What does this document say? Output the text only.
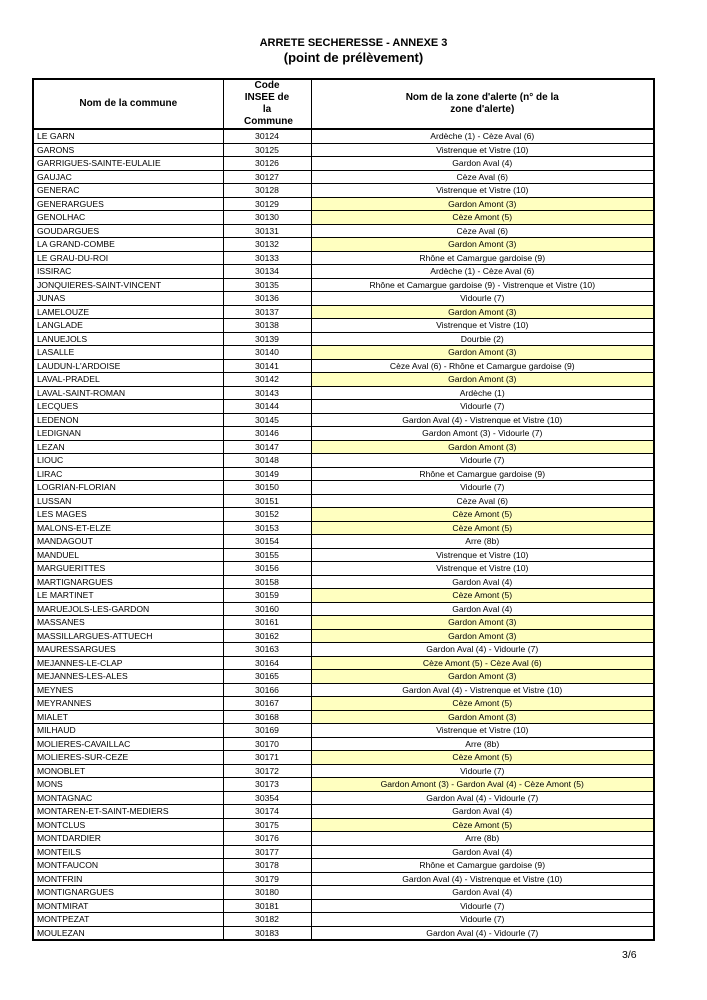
ARRETE SECHERESSE - ANNEXE 3
(point de prélèvement)
Nom de la commune	Code INSEE de la Commune	Nom de la zone d'alerte (n° de la zone d'alerte)

LE GARN	30124	Ardèche (1) - Cèze Aval (6)
GARONS	30125	Vistrenque et Vistre (10)
GARRIGUES-SAINTE-EULALIE	30126	Gardon Aval (4)
GAUJAC	30127	Cèze Aval (6)
GENERAC	30128	Vistrenque et Vistre (10)
GENERARGUES	30129	Gardon Amont (3)
GENOLHAC	30130	Cèze Amont (5)
GOUDARGUES	30131	Cèze Aval (6)
LA GRAND-COMBE	30132	Gardon Amont (3)
LE GRAU-DU-ROI	30133	Rhône et Camargue gardoise (9)
ISSIRAC	30134	Ardèche (1) - Cèze Aval (6)
JONQUIERES-SAINT-VINCENT	30135	Rhône et Camargue gardoise (9) - Vistrenque et Vistre (10)
JUNAS	30136	Vidourle (7)
LAMELOUZE	30137	Gardon Amont (3)
LANGLADE	30138	Vistrenque et Vistre (10)
LANUEJOLS	30139	Dourbie (2)
LASALLE	30140	Gardon Amont (3)
LAUDUN-L'ARDOISE	30141	Cèze Aval (6) - Rhône et Camargue gardoise (9)
LAVAL-PRADEL	30142	Gardon Amont (3)
LAVAL-SAINT-ROMAN	30143	Ardèche (1)
LECQUES	30144	Vidourle (7)
LEDENON	30145	Gardon Aval (4) - Vistrenque et Vistre (10)
LEDIGNAN	30146	Gardon Amont (3) - Vidourle (7)
LEZAN	30147	Gardon Amont (3)
LIOUC	30148	Vidourle (7)
LIRAC	30149	Rhône et Camargue gardoise (9)
LOGRIAN-FLORIAN	30150	Vidourle (7)
LUSSAN	30151	Cèze Aval (6)
LES MAGES	30152	Cèze Amont (5)
MALONS-ET-ELZE	30153	Cèze Amont (5)
MANDAGOUT	30154	Arre (8b)
MANDUEL	30155	Vistrenque et Vistre (10)
MARGUERITTES	30156	Vistrenque et Vistre (10)
MARTIGNARGUES	30158	Gardon Aval (4)
LE MARTINET	30159	Cèze Amont (5)
MARUEJOLS-LES-GARDON	30160	Gardon Aval (4)
MASSANES	30161	Gardon Amont (3)
MASSILLARGUES-ATTUECH	30162	Gardon Amont (3)
MAURESSARGUES	30163	Gardon Aval (4) - Vidourle (7)
MEJANNES-LE-CLAP	30164	Cèze Amont (5) - Cèze Aval (6)
MEJANNES-LES-ALES	30165	Gardon Amont (3)
MEYNES	30166	Gardon Aval (4) - Vistrenque et Vistre (10)
MEYRANNES	30167	Cèze Amont (5)
MIALET	30168	Gardon Amont (3)
MILHAUD	30169	Vistrenque et Vistre (10)
MOLIERES-CAVAILLAC	30170	Arre (8b)
MOLIERES-SUR-CEZE	30171	Cèze Amont (5)
MONOBLET	30172	Vidourle (7)
MONS	30173	Gardon Amont (3) - Gardon Aval (4) - Cèze Amont (5)
MONTAGNAC	30354	Gardon Aval (4) - Vidourle (7)
MONTAREN-ET-SAINT-MEDIERS	30174	Gardon Aval (4)
MONTCLUS	30175	Cèze Amont (5)
MONTDARDIER	30176	Arre (8b)
MONTEILS	30177	Gardon Aval (4)
MONTFAUCON	30178	Rhône et Camargue gardoise (9)
MONTFRIN	30179	Gardon Aval (4) - Vistrenque et Vistre (10)
MONTIGNARGUES	30180	Gardon Aval (4)
MONTMIRAT	30181	Vidourle (7)
MONTPEZAT	30182	Vidourle (7)
MOULEZAN	30183	Gardon Aval (4) - Vidourle (7)
3/6
